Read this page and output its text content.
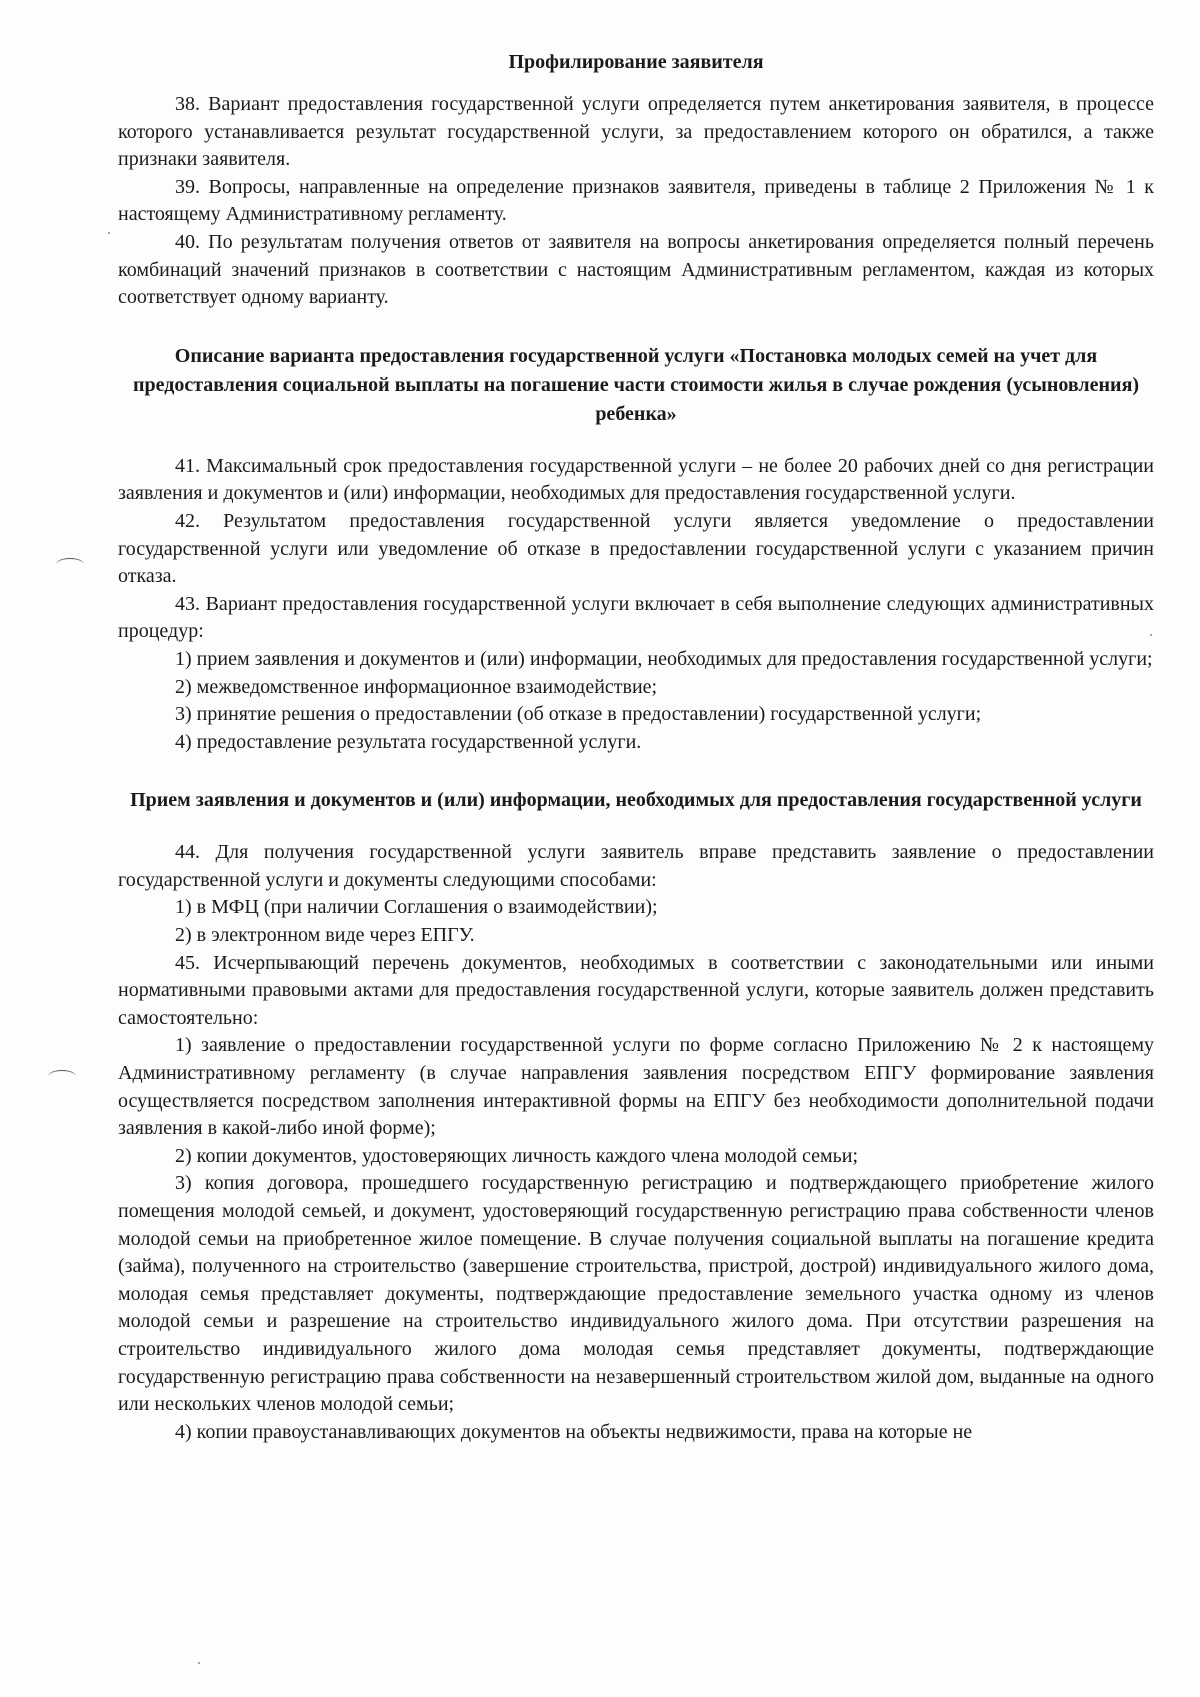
Профилирование заявителя

38. Вариант предоставления государственной услуги определяется путем анкетирования заявителя, в процессе которого устанавливается результат государственной услуги, за предоставлением которого он обратился, а также признаки заявителя.

39. Вопросы, направленные на определение признаков заявителя, приведены в таблице 2 Приложения № 1 к настоящему Административному регламенту.

40. По результатам получения ответов от заявителя на вопросы анкетирования определяется полный перечень комбинаций значений признаков в соответствии с настоящим Административным регламентом, каждая из которых соответствует одному варианту.

Описание варианта предоставления государственной услуги «Постановка молодых семей на учет для предоставления социальной выплаты на погашение части стоимости жилья в случае рождения (усыновления) ребенка»

41. Максимальный срок предоставления государственной услуги – не более 20 рабочих дней со дня регистрации заявления и документов и (или) информации, необходимых для предоставления государственной услуги.

42. Результатом предоставления государственной услуги является уведомление о предоставлении государственной услуги или уведомление об отказе в предоставлении государственной услуги с указанием причин отказа.

43. Вариант предоставления государственной услуги включает в себя выполнение следующих административных процедур:

1) прием заявления и документов и (или) информации, необходимых для предоставления государственной услуги;

2) межведомственное информационное взаимодействие;

3) принятие решения о предоставлении (об отказе в предоставлении) государственной услуги;

4) предоставление результата государственной услуги.

Прием заявления и документов и (или) информации, необходимых для предоставления государственной услуги

44. Для получения государственной услуги заявитель вправе представить заявление о предоставлении государственной услуги и документы следующими способами:

1) в МФЦ (при наличии Соглашения о взаимодействии);

2) в электронном виде через ЕПГУ.

45. Исчерпывающий перечень документов, необходимых в соответствии с законодательными или иными нормативными правовыми актами для предоставления государственной услуги, которые заявитель должен представить самостоятельно:

1) заявление о предоставлении государственной услуги по форме согласно Приложению № 2 к настоящему Административному регламенту (в случае направления заявления посредством ЕПГУ формирование заявления осуществляется посредством заполнения интерактивной формы на ЕПГУ без необходимости дополнительной подачи заявления в какой-либо иной форме);

2) копии документов, удостоверяющих личность каждого члена молодой семьи;

3) копия договора, прошедшего государственную регистрацию и подтверждающего приобретение жилого помещения молодой семьей, и документ, удостоверяющий государственную регистрацию права собственности членов молодой семьи на приобретенное жилое помещение. В случае получения социальной выплаты на погашение кредита (займа), полученного на строительство (завершение строительства, пристрой, дострой) индивидуального жилого дома, молодая семья представляет документы, подтверждающие предоставление земельного участка одному из членов молодой семьи и разрешение на строительство индивидуального жилого дома. При отсутствии разрешения на строительство индивидуального жилого дома молодая семья представляет документы, подтверждающие государственную регистрацию права собственности на незавершенный строительством жилой дом, выданные на одного или нескольких членов молодой семьи;

4) копии правоустанавливающих документов на объекты недвижимости, права на которые не
